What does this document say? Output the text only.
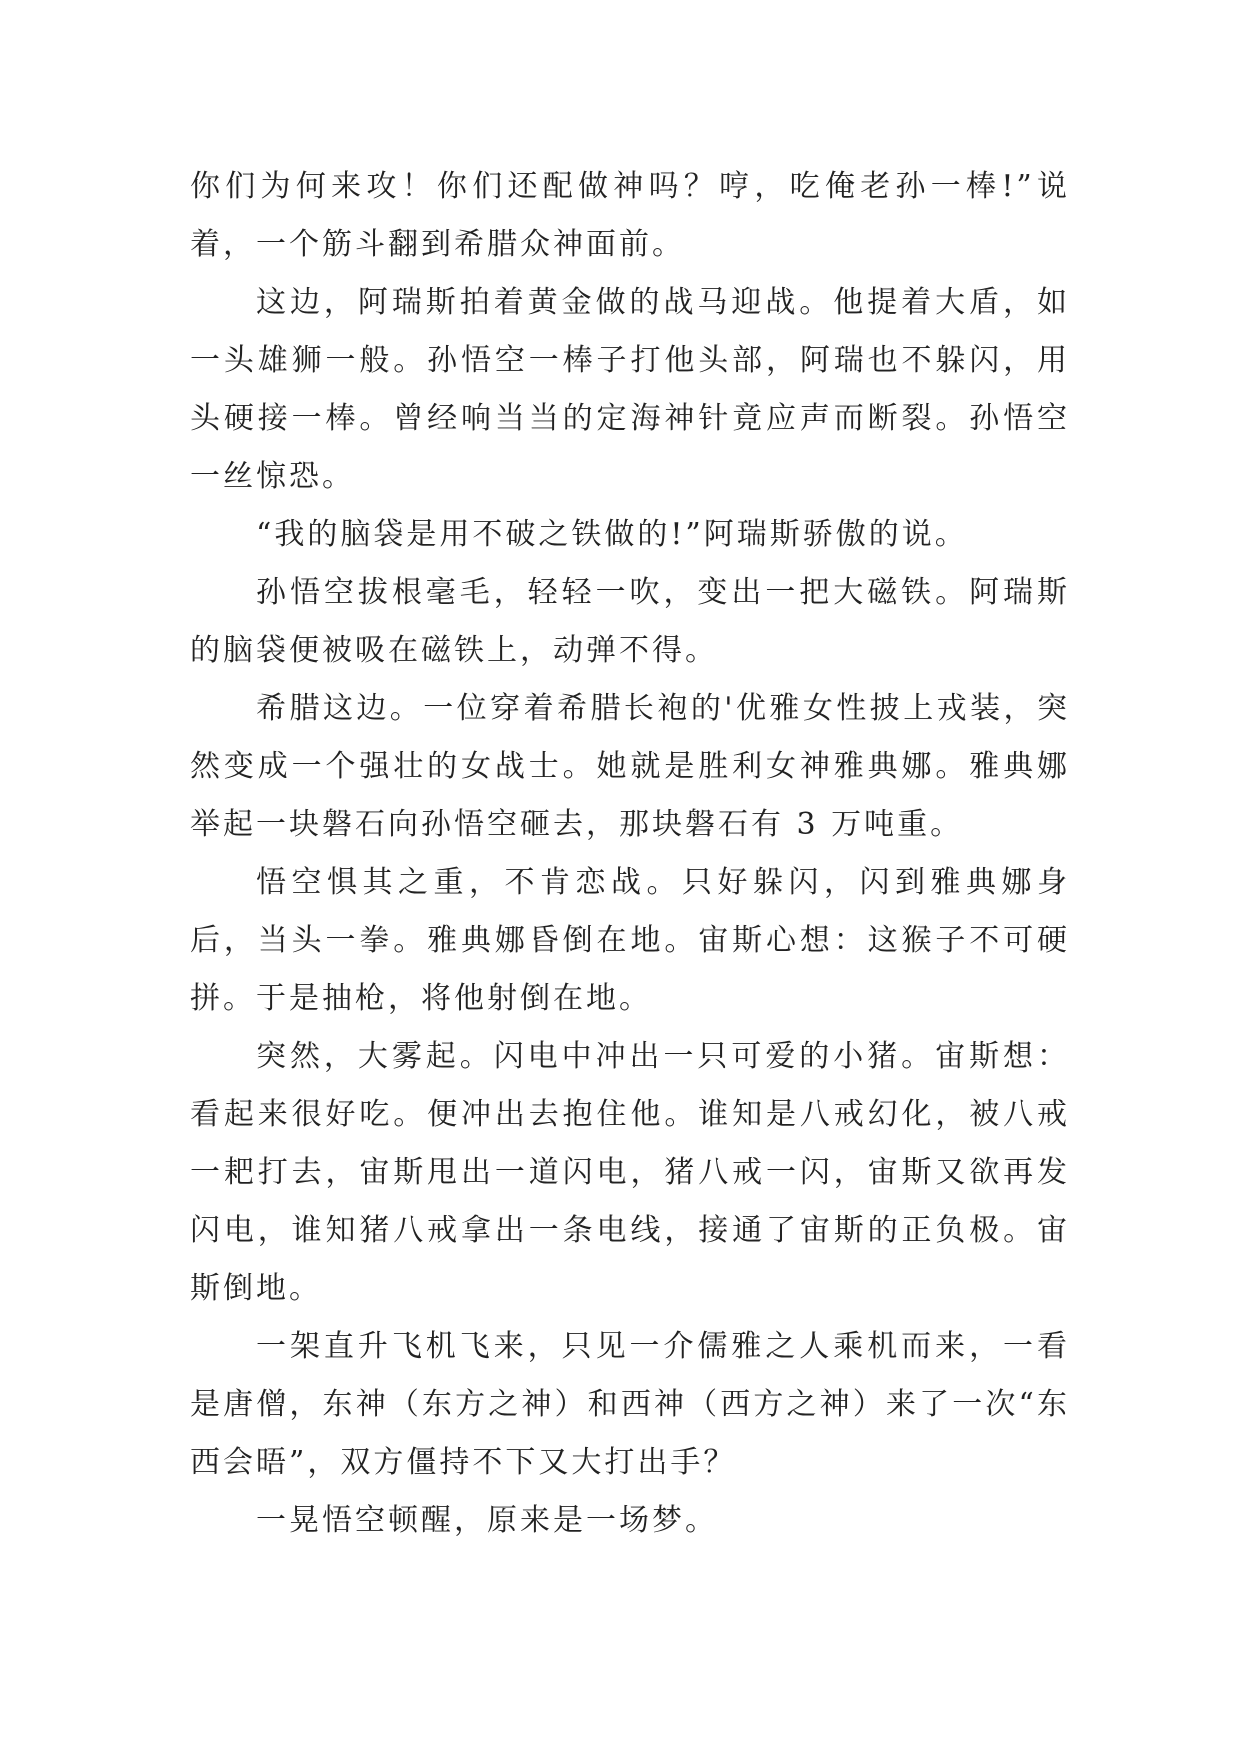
你们为何来攻！你们还配做神吗？哼，吃俺老孙一棒!”说着，一个筋斗翻到希腊众神面前。

这边，阿瑞斯拍着黄金做的战马迎战。他提着大盾，如一头雄狮一般。孙悟空一棒子打他头部，阿瑞也不躲闪，用头硬接一棒。曾经响当当的定海神针竟应声而断裂。孙悟空一丝惊恐。

“我的脑袋是用不破之铁做的!”阿瑞斯骄傲的说。

孙悟空拔根毫毛，轻轻一吹，变出一把大磁铁。阿瑞斯的脑袋便被吸在磁铁上，动弹不得。

希腊这边。一位穿着希腊长袍的'优雅女性披上戎装，突然变成一个强壮的女战士。她就是胜利女神雅典娜。雅典娜举起一块磐石向孙悟空砸去，那块磐石有 3 万吨重。

悟空惧其之重，不肯恋战。只好躲闪，闪到雅典娜身后，当头一拳。雅典娜昏倒在地。宙斯心想：这猴子不可硬拼。于是抽枪，将他射倒在地。

突然，大雾起。闪电中冲出一只可爱的小猪。宙斯想：看起来很好吃。便冲出去抱住他。谁知是八戒幻化，被八戒一耙打去，宙斯甩出一道闪电，猪八戒一闪，宙斯又欲再发闪电，谁知猪八戒拿出一条电线，接通了宙斯的正负极。宙斯倒地。

一架直升飞机飞来，只见一介儒雅之人乘机而来，一看是唐僧，东神（东方之神）和西神（西方之神）来了一次“东西会晤”，双方僵持不下又大打出手？

一晃悟空顿醒，原来是一场梦。
